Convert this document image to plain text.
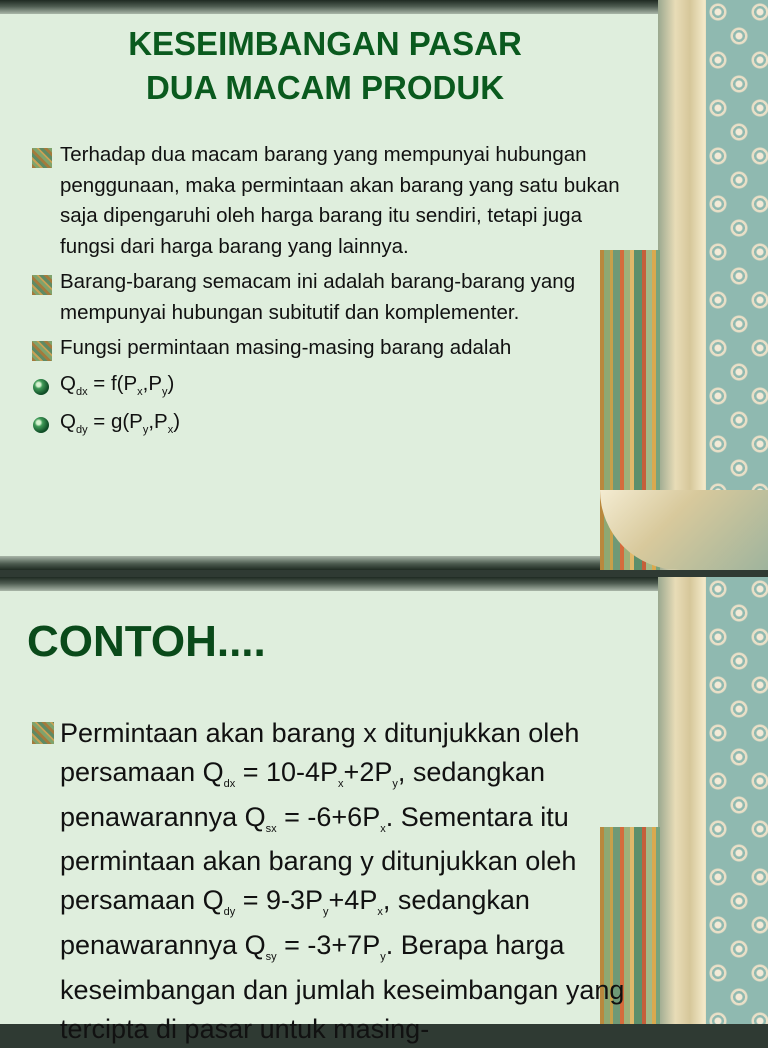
KESEIMBANGAN PASAR
DUA MACAM PRODUK
Terhadap dua macam barang yang mempunyai hubungan penggunaan, maka permintaan akan barang yang satu bukan saja dipengaruhi oleh harga barang itu sendiri, tetapi juga fungsi dari harga barang yang lainnya.
Barang-barang semacam ini adalah barang-barang yang mempunyai hubungan subitutif dan komplementer.
Fungsi permintaan masing-masing barang adalah
$Q_{dx} = f(P_x,P_y)$
$Q_{dy} = g(P_y,P_x)$
CONTOH....
Permintaan akan barang x ditunjukkan oleh persamaan $Q_{dx} = 10-4P_x+2P_y$, sedangkan penawarannya $Q_{sx} = -6+6P_x$. Sementara itu permintaan akan barang y ditunjukkan oleh persamaan $Q_{dy} = 9-3P_y+4P_x$, sedangkan penawarannya $Q_{sy} = -3+7P_y$. Berapa harga keseimbangan dan jumlah keseimbangan yang tercipta di pasar untuk masing-
